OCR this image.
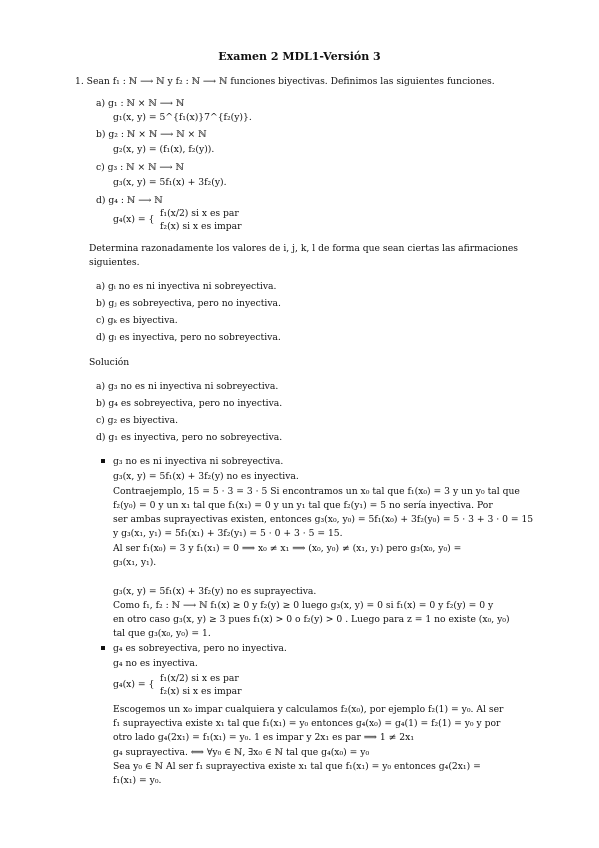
Examen 2 MDL1-Versión 3
1. Sean f₁ : ℕ ⟶ ℕ y f₂ : ℕ ⟶ ℕ funciones biyectivas. Definimos las siguientes funciones.
a) g₁ : ℕ × ℕ ⟶ ℕ
g₁(x, y) = 5^{f₁(x)}7^{f₂(y)}.
b) g₂ : ℕ × ℕ ⟶ ℕ × ℕ
g₂(x, y) = (f₁(x), f₂(y)).
c) g₃ : ℕ × ℕ ⟶ ℕ
g₃(x, y) = 5f₁(x) + 3f₂(y).
d) g₄ : ℕ ⟶ ℕ
g₄(x) = {
f₁(x/2) si x es par
f₂(x) si x es impar
Determina razonadamente los valores de i, j, k, l de forma que sean ciertas las afirmaciones
siguientes.
a) gᵢ no es ni inyectiva ni sobreyectiva.
b) gⱼ es sobreyectiva, pero no inyectiva.
c) gₖ es biyectiva.
d) gₗ es inyectiva, pero no sobreyectiva.
Solución
a) g₃ no es ni inyectiva ni sobreyectiva.
b) g₄ es sobreyectiva, pero no inyectiva.
c) g₂ es biyectiva.
d) g₁ es inyectiva, pero no sobreyectiva.
g₃ no es ni inyectiva ni sobreyectiva.
g₃(x, y) = 5f₁(x) + 3f₂(y) no es inyectiva.
Contraejemplo, 15 = 5 · 3 = 3 · 5 Si encontramos un x₀ tal que f₁(x₀) = 3 y un y₀ tal que
f₂(y₀) = 0 y un x₁ tal que f₁(x₁) = 0 y un y₁ tal que f₂(y₁) = 5 no sería inyectiva. Por
ser ambas suprayectivas existen, entonces g₃(x₀, y₀) = 5f₁(x₀) + 3f₂(y₀) = 5 · 3 + 3 · 0 = 15
y g₃(x₁, y₁) = 5f₁(x₁) + 3f₂(y₁) = 5 · 0 + 3 · 5 = 15.
Al ser f₁(x₀) = 3 y f₁(x₁) = 0 ⟹ x₀ ≠ x₁ ⟹ (x₀, y₀) ≠ (x₁, y₁) pero g₃(x₀, y₀) =
g₃(x₁, y₁).
g₃(x, y) = 5f₁(x) + 3f₂(y) no es suprayectiva.
Como f₁, f₂ : ℕ ⟶ ℕ f₁(x) ≥ 0 y f₂(y) ≥ 0 luego g₃(x, y) = 0 si f₁(x) = 0 y f₂(y) = 0 y
en otro caso g₃(x, y) ≥ 3 pues f₁(x) > 0 o f₂(y) > 0 . Luego para z = 1 no existe (x₀, y₀)
tal que g₃(x₀, y₀) = 1.
g₄ es sobreyectiva, pero no inyectiva.
g₄ no es inyectiva.
g₄(x) = {
f₁(x/2) si x es par
f₂(x) si x es impar
Escogemos un x₀ impar cualquiera y calculamos f₂(x₀), por ejemplo f₂(1) = y₀. Al ser
f₁ suprayectiva existe x₁ tal que f₁(x₁) = y₀ entonces g₄(x₀) = g₄(1) = f₂(1) = y₀ y por
otro lado g₄(2x₁) = f₁(x₁) = y₀. 1 es impar y 2x₁ es par ⟹ 1 ≠ 2x₁
g₄ suprayectiva. ⟺ ∀y₀ ∈ ℕ, ∃x₀ ∈ ℕ tal que g₄(x₀) = y₀
Sea y₀ ∈ ℕ Al ser f₁ suprayectiva existe x₁ tal que f₁(x₁) = y₀ entonces g₄(2x₁) =
f₁(x₁) = y₀.
